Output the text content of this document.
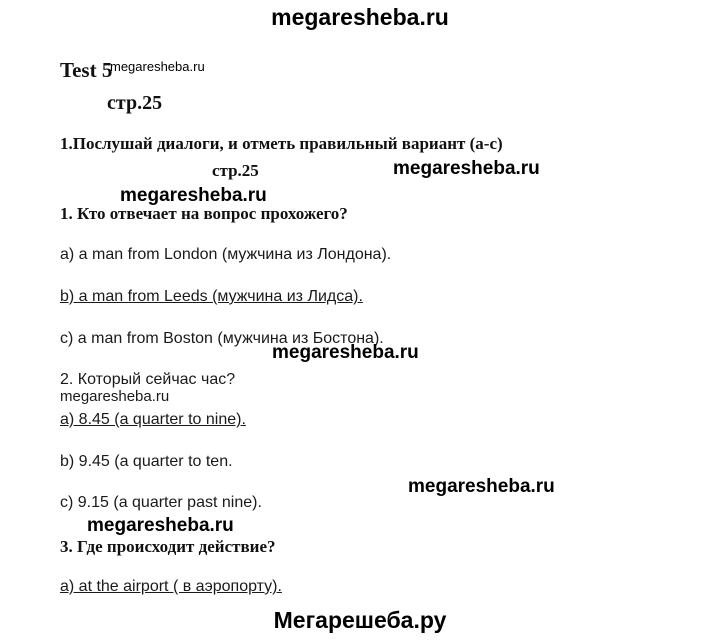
megaresheba.ru
Test 5
megaresheba.ru
стр.25
1.Послушай диалоги, и отметь правильный вариант (а-с)
стр.25	megaresheba.ru
megaresheba.ru
1. Кто отвечает на вопрос прохожего?
a) a man from London (мужчина из Лондона).
b) a man from Leeds (мужчина из Лидса).
c) a man from Boston (мужчина из Бостона).
megaresheba.ru
2. Который сейчас час?
megaresheba.ru
a) 8.45 (a quarter to nine).
b) 9.45 (a quarter to ten.
megaresheba.ru
c) 9.15 (a quarter past nine).
megaresheba.ru
3. Где происходит действие?
a) at the airport ( в аэропорту).
Мегарешеба.ру
